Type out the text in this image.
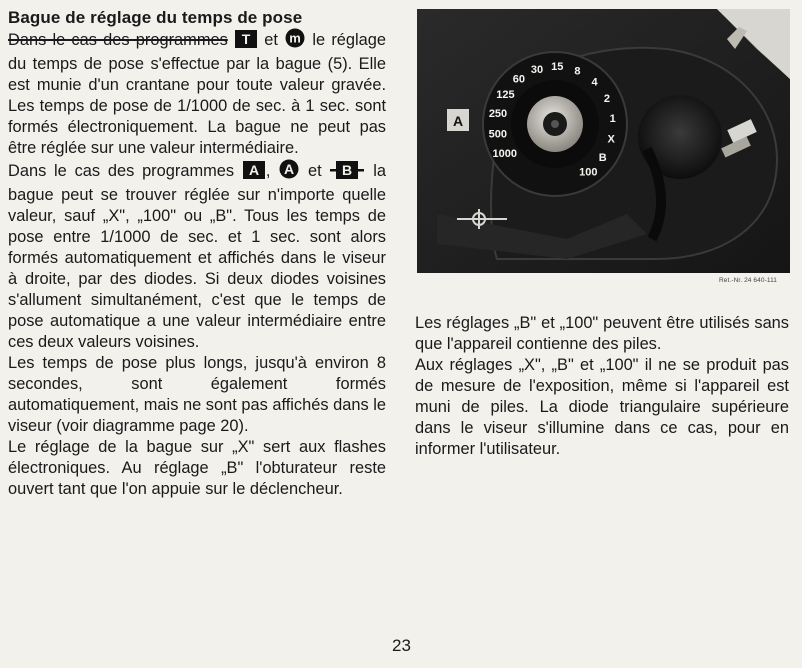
Bague de réglage du temps de pose

Dans le cas des programmes T et m le réglage du temps de pose s'effectue par la bague (5). Elle est munie d'un crantane pour toute valeur gravée. Les temps de pose de 1/1000 de sec. à 1 sec. sont formés électroniquement. La bague ne peut pas être réglée sur une valeur intermédiaire.

Dans le cas des programmes A , A et B la bague peut se trouver réglée sur n'importe quelle valeur, sauf „X", „100" ou „B". Tous les temps de pose entre 1/1000 de sec. et 1 sec. sont alors formés automatiquement et affichés dans le viseur à droite, par des diodes. Si deux diodes voisines s'allument simultanément, c'est que le temps de pose automatique a une valeur intermédiaire entre ces deux valeurs voisines.

Les temps de pose plus longs, jusqu'à environ 8 secondes, sont également formés automatiquement, mais ne sont pas affichés dans le viseur (voir diagramme page 20).

Le réglage de la bague sur „X" sert aux flashes électroniques. Au réglage „B" l'obturateur reste ouvert tant que l'on appuie sur le déclencheur.

1000
500
250
125
60
30 15 8
4
2
1
X
B
100
A
Ret.-Nr. 24 640-111

Les réglages „B" et „100" peuvent être utilisés sans que l'appareil contienne des piles.

Aux réglages „X", „B" et „100" il ne se produit pas de mesure de l'exposition, même si l'appareil est muni de piles. La diode triangulaire supérieure dans le viseur s'illumine dans ce cas, pour en informer l'utilisateur.

23
